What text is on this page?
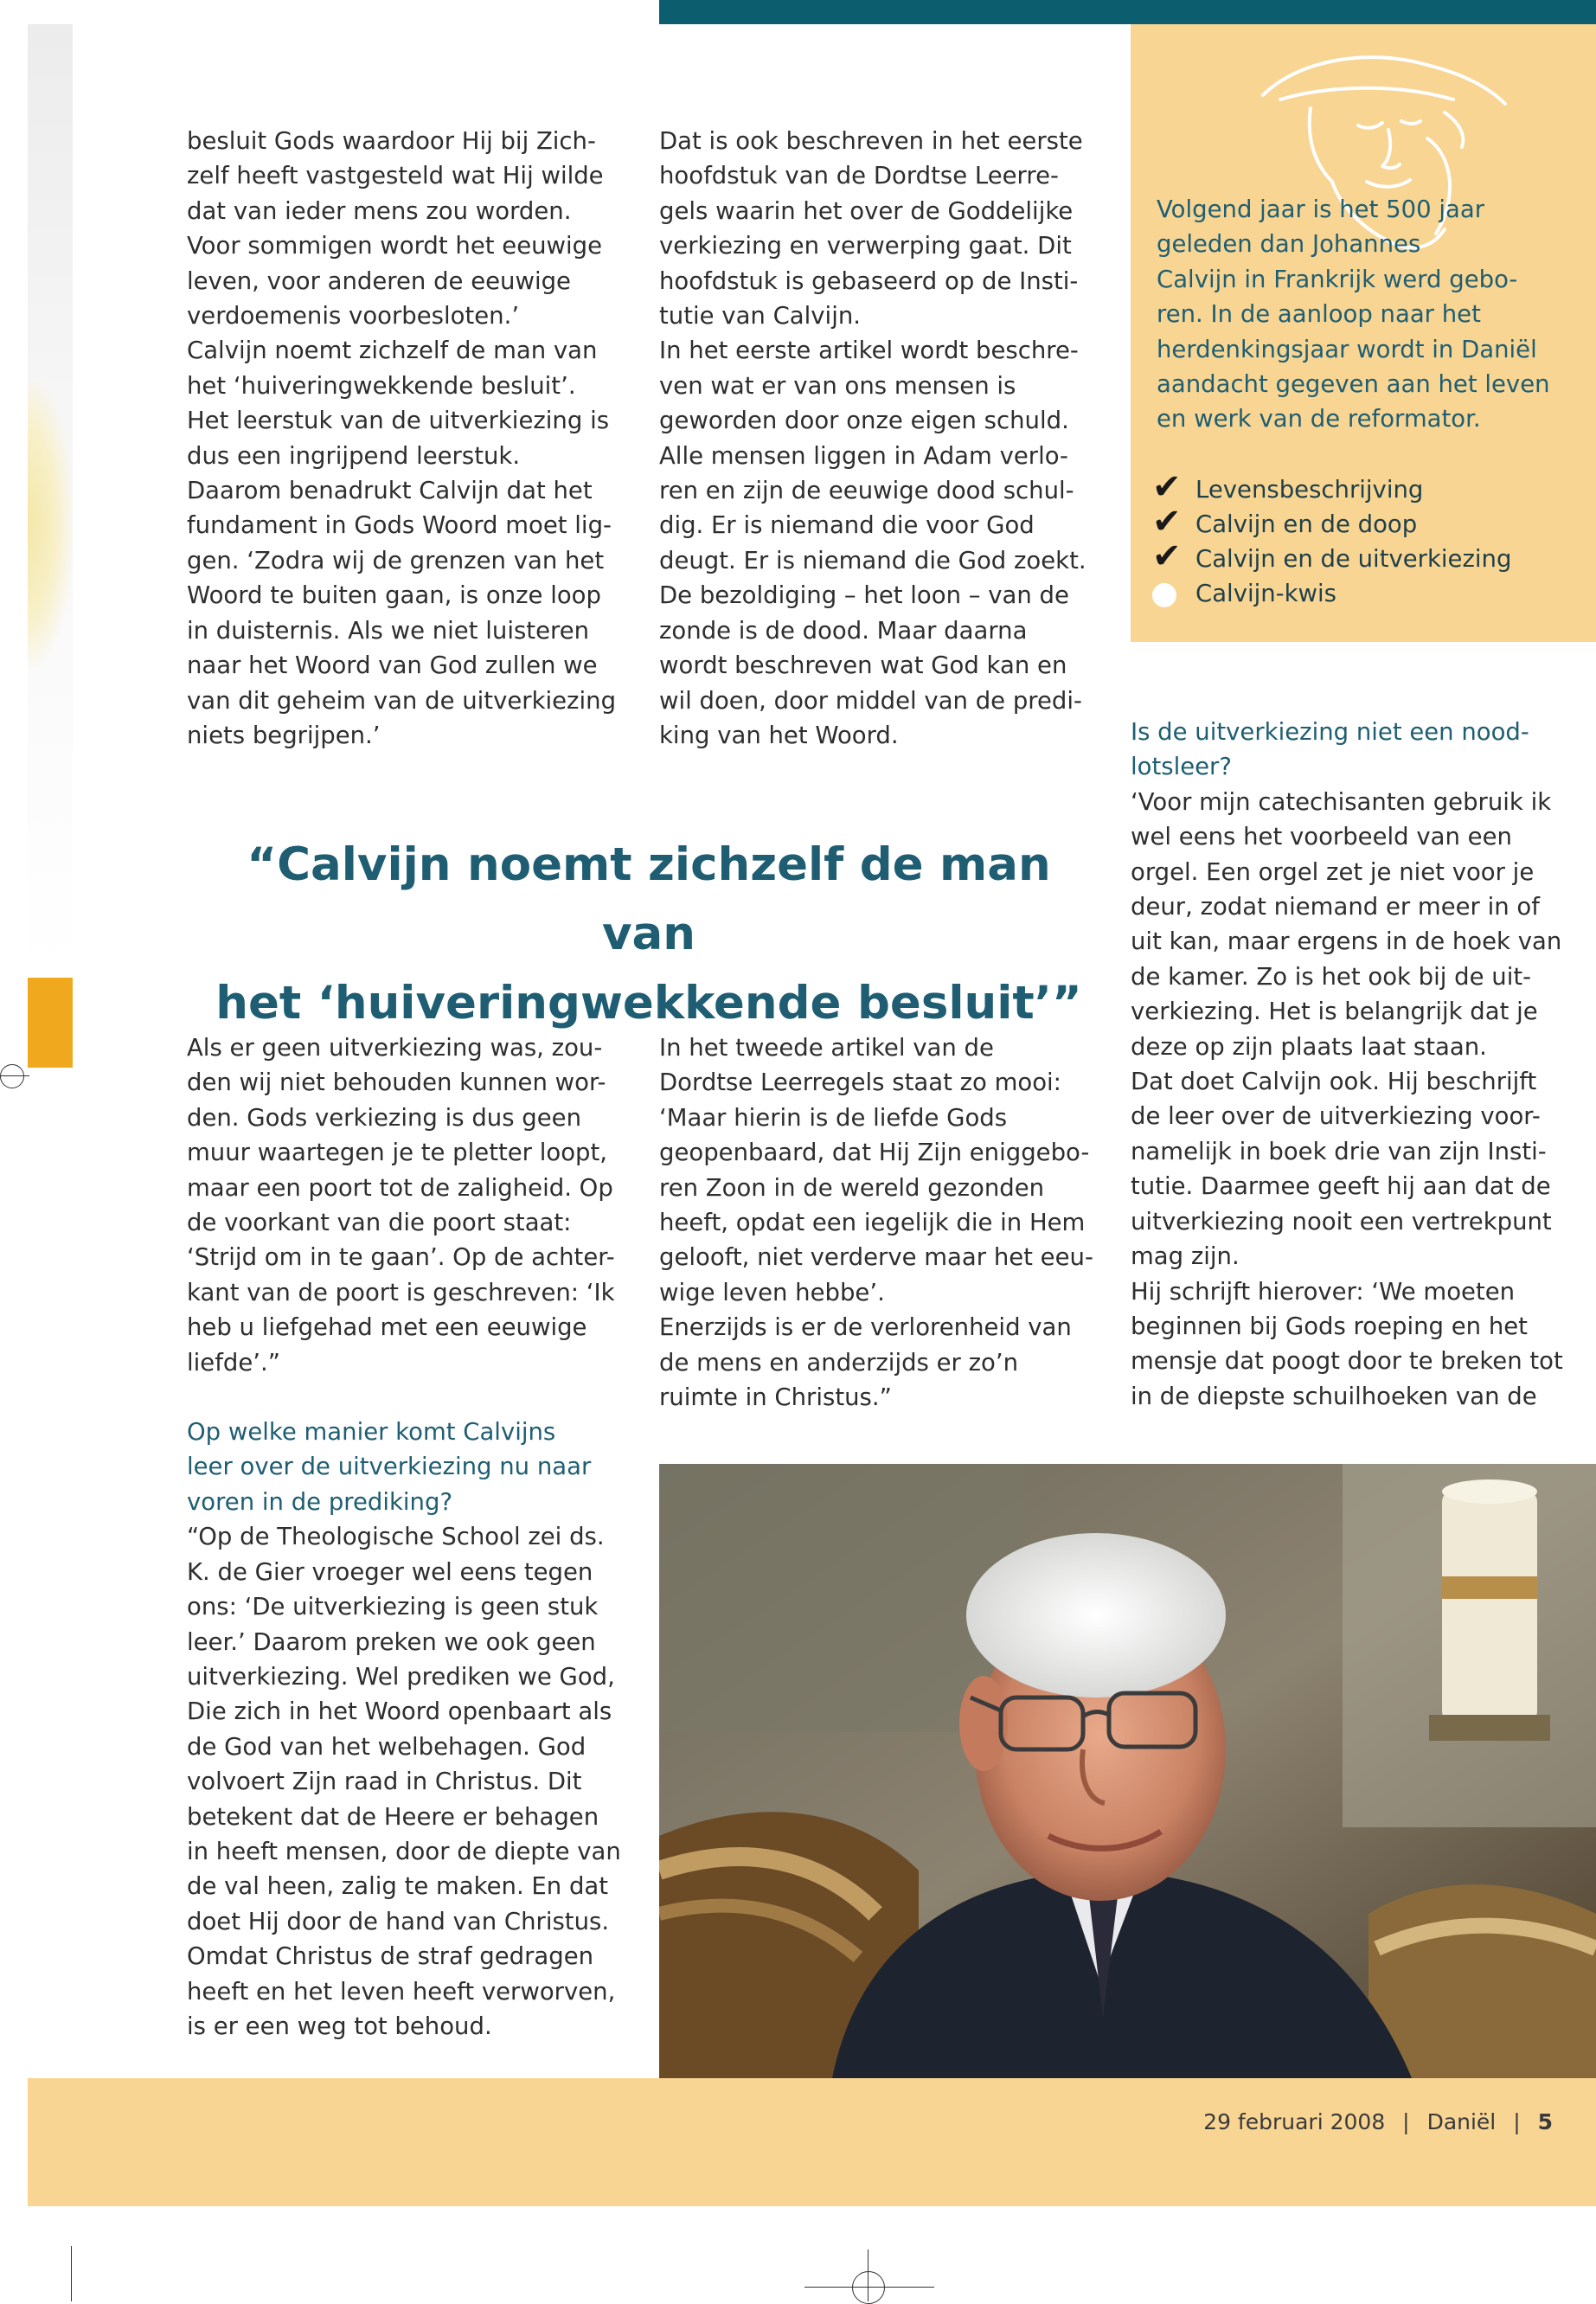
besluit Gods waardoor Hij bij Zich-

zelf heeft vastgesteld wat Hij wilde

dat van ieder mens zou worden.

Voor sommigen wordt het eeuwige

leven, voor anderen de eeuwige

verdoemenis voorbesloten.’

Calvijn noemt zichzelf de man van

het ‘huiveringwekkende besluit’.

Het leerstuk van de uitverkiezing is

dus een ingrijpend leerstuk.

Daarom benadrukt Calvijn dat het

fundament in Gods Woord moet lig-

gen. ‘Zodra wij de grenzen van het

Woord te buiten gaan, is onze loop

in duisternis. Als we niet luisteren

naar het Woord van God zullen we

van dit geheim van de uitverkiezing

niets begrijpen.’

Dat is ook beschreven in het eerste

hoofdstuk van de Dordtse Leerre-

gels waarin het over de Goddelijke

verkiezing en verwerping gaat. Dit

hoofdstuk is gebaseerd op de Insti-

tutie van Calvijn.

In het eerste artikel wordt beschre-

ven wat er van ons mensen is

geworden door onze eigen schuld.

Alle mensen liggen in Adam verlo-

ren en zijn de eeuwige dood schul-

dig. Er is niemand die voor God

deugt. Er is niemand die God zoekt.

De bezoldiging – het loon – van de

zonde is de dood. Maar daarna

wordt beschreven wat God kan en

wil doen, door middel van de predi-

king van het Woord.

Volgend jaar is het 500 jaar
geleden dan Johannes
Calvijn in Frankrijk werd gebo-
ren. In de aanloop naar het
herdenkingsjaar wordt in Daniël
aandacht gegeven aan het leven
en werk van de reformator.
✔ Levensbeschrijving
✔ Calvijn en de doop
✔ Calvijn en de uitverkiezing
Calvijn-kwis

Is de uitverkiezing niet een nood-

lotsleer?

‘Voor mijn catechisanten gebruik ik

wel eens het voorbeeld van een

orgel. Een orgel zet je niet voor je

deur, zodat niemand er meer in of

uit kan, maar ergens in de hoek van

de kamer. Zo is het ook bij de uit-

verkiezing. Het is belangrijk dat je

deze op zijn plaats laat staan.

Dat doet Calvijn ook. Hij beschrijft

de leer over de uitverkiezing voor-

namelijk in boek drie van zijn Insti-

tutie. Daarmee geeft hij aan dat de

uitverkiezing nooit een vertrekpunt

mag zijn.

Hij schrijft hierover: ‘We moeten

beginnen bij Gods roeping en het

mensje dat poogt door te breken tot

in de diepste schuilhoeken van de

“Calvijn noemt zichzelf de man van
het ‘huiveringwekkende besluit’”

Als er geen uitverkiezing was, zou-

den wij niet behouden kunnen wor-

den. Gods verkiezing is dus geen

muur waartegen je te pletter loopt,

maar een poort tot de zaligheid. Op

de voorkant van die poort staat:

‘Strijd om in te gaan’. Op de achter-

kant van de poort is geschreven: ‘Ik

heb u liefgehad met een eeuwige

liefde’.”

Op welke manier komt Calvijns

leer over de uitverkiezing nu naar

voren in de prediking?

“Op de Theologische School zei ds.

K. de Gier vroeger wel eens tegen

ons: ‘De uitverkiezing is geen stuk

leer.’ Daarom preken we ook geen

uitverkiezing. Wel prediken we God,

Die zich in het Woord openbaart als

de God van het welbehagen. God

volvoert Zijn raad in Christus. Dit

betekent dat de Heere er behagen

in heeft mensen, door de diepte van

de val heen, zalig te maken. En dat

doet Hij door de hand van Christus.

Omdat Christus de straf gedragen

heeft en het leven heeft verworven,

is er een weg tot behoud.

In het tweede artikel van de

Dordtse Leerregels staat zo mooi:

‘Maar hierin is de liefde Gods

geopenbaard, dat Hij Zijn eniggebo-

ren Zoon in de wereld gezonden

heeft, opdat een iegelijk die in Hem

gelooft, niet verderve maar het eeu-

wige leven hebbe’.

Enerzijds is er de verlorenheid van

de mens en anderzijds er zo’n

ruimte in Christus.”

29 februari 2008 | Daniël | 5
